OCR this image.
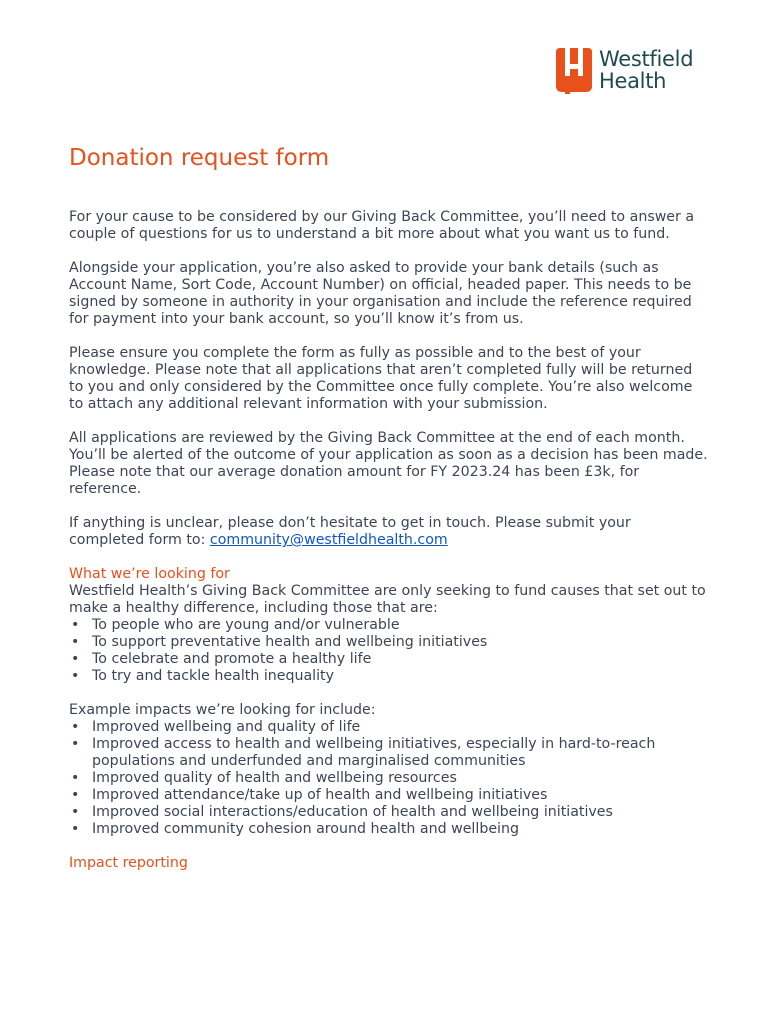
Westfield
Health
Donation request form

For your cause to be considered by our Giving Back Committee, you’ll need to answer a couple of questions for us to understand a bit more about what you want us to fund.

Alongside your application, you’re also asked to provide your bank details (such as Account Name, Sort Code, Account Number) on official, headed paper. This needs to be signed by someone in authority in your organisation and include the reference required for payment into your bank account, so you’ll know it’s from us.

Please ensure you complete the form as fully as possible and to the best of your knowledge. Please note that all applications that aren’t completed fully will be returned to you and only considered by the Committee once fully complete. You’re also welcome to attach any additional relevant information with your submission.

All applications are reviewed by the Giving Back Committee at the end of each month. You’ll be alerted of the outcome of your application as soon as a decision has been made. Please note that our average donation amount for FY 2023.24 has been £3k, for reference.

If anything is unclear, please don’t hesitate to get in touch. Please submit your completed form to: community@westfieldhealth.com

What we’re looking for

Westfield Health’s Giving Back Committee are only seeking to fund causes that set out to make a healthy difference, including those that are:

• To people who are young and/or vulnerable
• To support preventative health and wellbeing initiatives
• To celebrate and promote a healthy life
• To try and tackle health inequality

Example impacts we’re looking for include:

• Improved wellbeing and quality of life
• Improved access to health and wellbeing initiatives, especially in hard-to-reach populations and underfunded and marginalised communities
• Improved quality of health and wellbeing resources
• Improved attendance/take up of health and wellbeing initiatives
• Improved social interactions/education of health and wellbeing initiatives
• Improved community cohesion around health and wellbeing
Impact reporting
